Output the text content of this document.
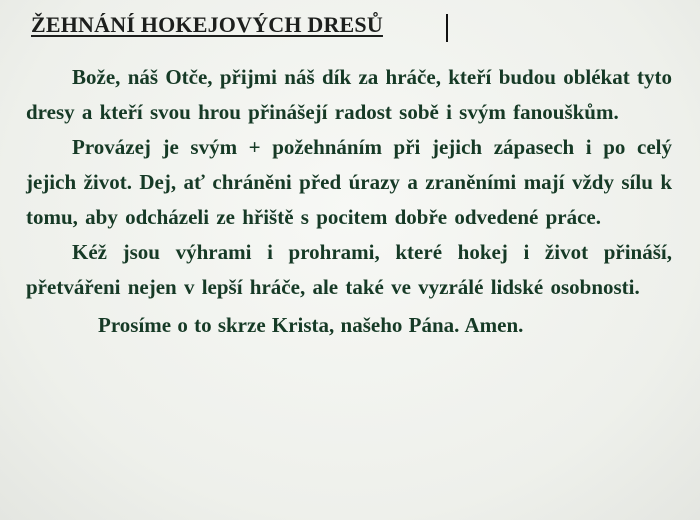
ŽEHNÁNÍ HOKEJOVÝCH DRESŮ

Bože, náš Otče, přijmi náš dík za hráče, kteří budou oblékat tyto dresy a kteří svou hrou přinášejí radost sobě i svým fanouškům.

Provázej je svým + požehnáním při jejich zápasech i po celý jejich život. Dej, ať chráněni před úrazy a zraněními mají vždy sílu k tomu, aby odcházeli ze hřiště s pocitem dobře odvedené práce.

Kéž jsou výhrami i prohrami, které hokej i život přináší, přetvářeni nejen v lepší hráče, ale také ve vyzrálé lidské osobnosti.

Prosíme o to skrze Krista, našeho Pána. Amen.
